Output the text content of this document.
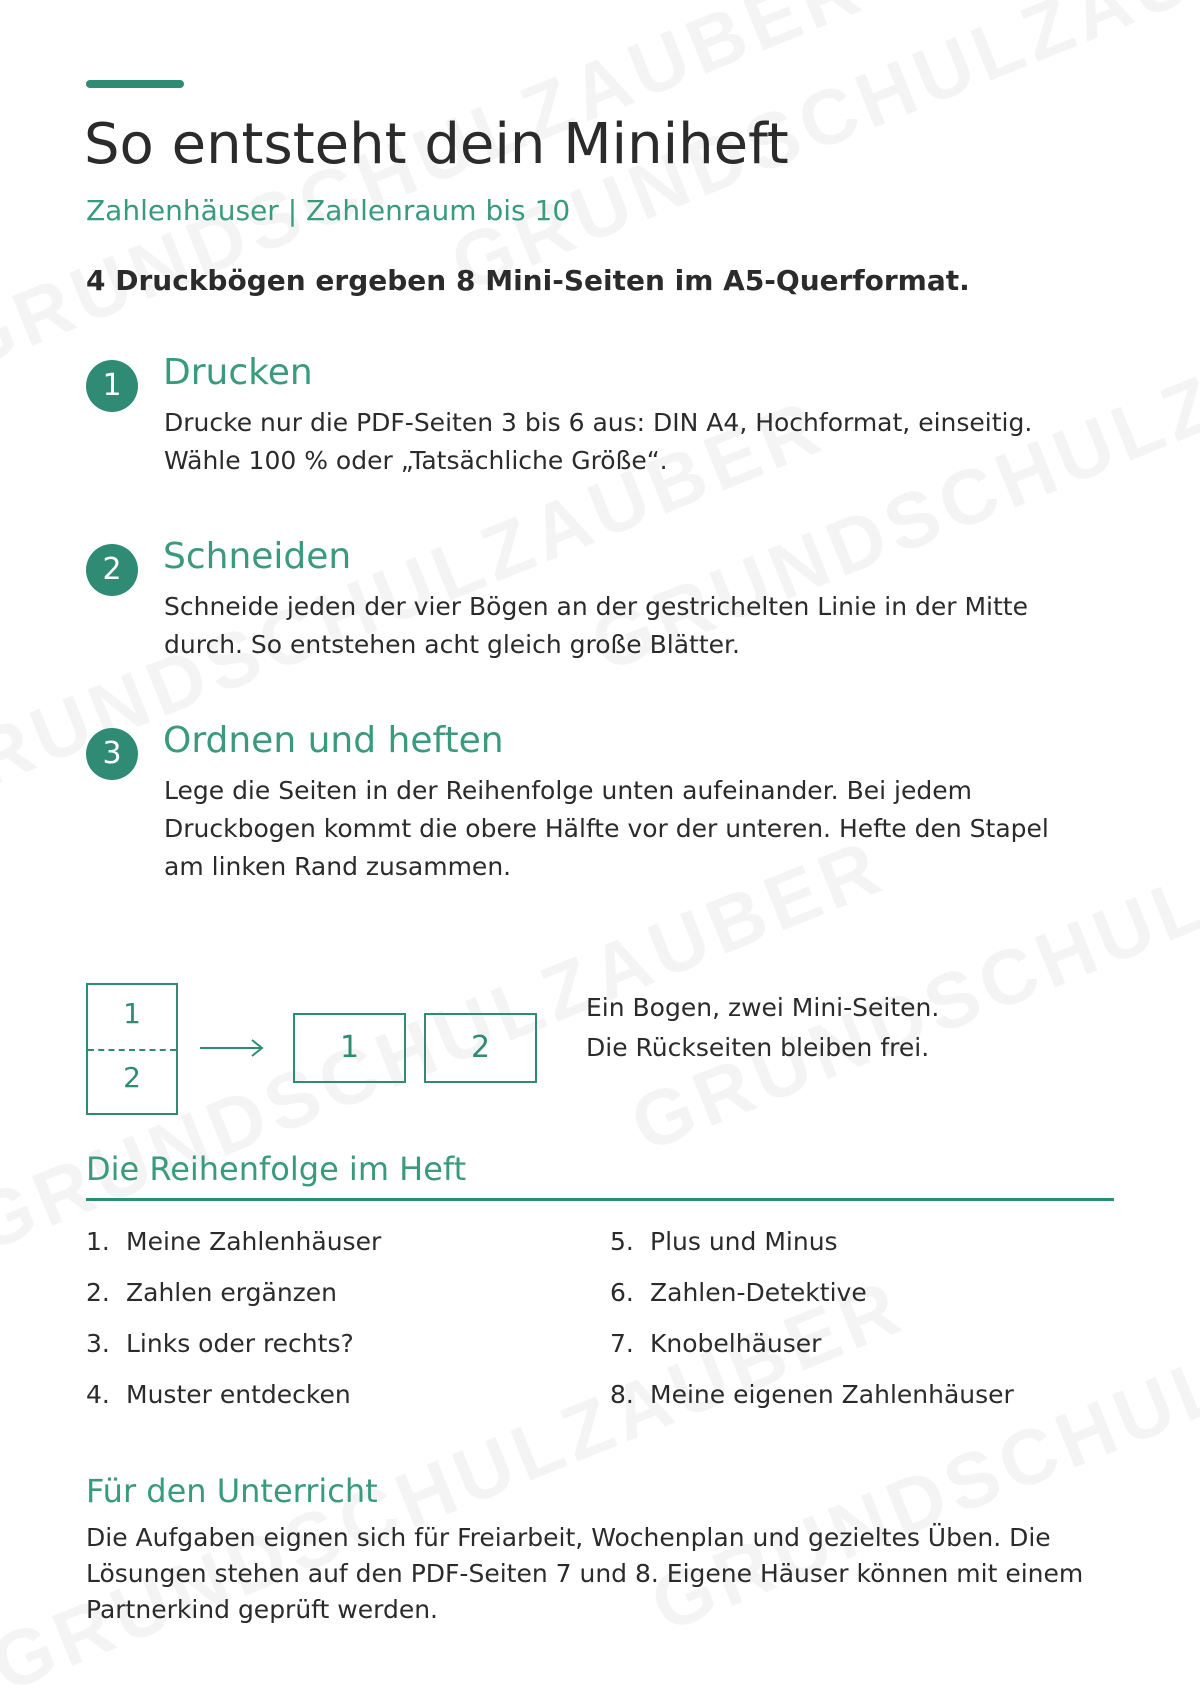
So entsteht dein Miniheft
Zahlenhäuser | Zahlenraum bis 10
4 Druckbögen ergeben 8 Mini-Seiten im A5-Querformat.
1	Drucken
Drucke nur die PDF-Seiten 3 bis 6 aus: DIN A4, Hochformat, einseitig. Wähle 100 % oder „Tatsächliche Größe“.
2	Schneiden
Schneide jeden der vier Bögen an der gestrichelten Linie in der Mitte durch. So entstehen acht gleich große Blätter.
3	Ordnen und heften
Lege die Seiten in der Reihenfolge unten aufeinander. Bei jedem Druckbogen kommt die obere Hälfte vor der unteren. Hefte den Stapel am linken Rand zusammen.
1
2
1	2
Ein Bogen, zwei Mini-Seiten.
Die Rückseiten bleiben frei.
Die Reihenfolge im Heft
1. Meine Zahlenhäuser
2. Zahlen ergänzen
3. Links oder rechts?
4. Muster entdecken
5. Plus und Minus
6. Zahlen-Detektive
7. Knobelhäuser
8. Meine eigenen Zahlenhäuser
Für den Unterricht
Die Aufgaben eignen sich für Freiarbeit, Wochenplan und gezieltes Üben. Die Lösungen stehen auf den PDF-Seiten 7 und 8. Eigene Häuser können mit einem Partnerkind geprüft werden.
